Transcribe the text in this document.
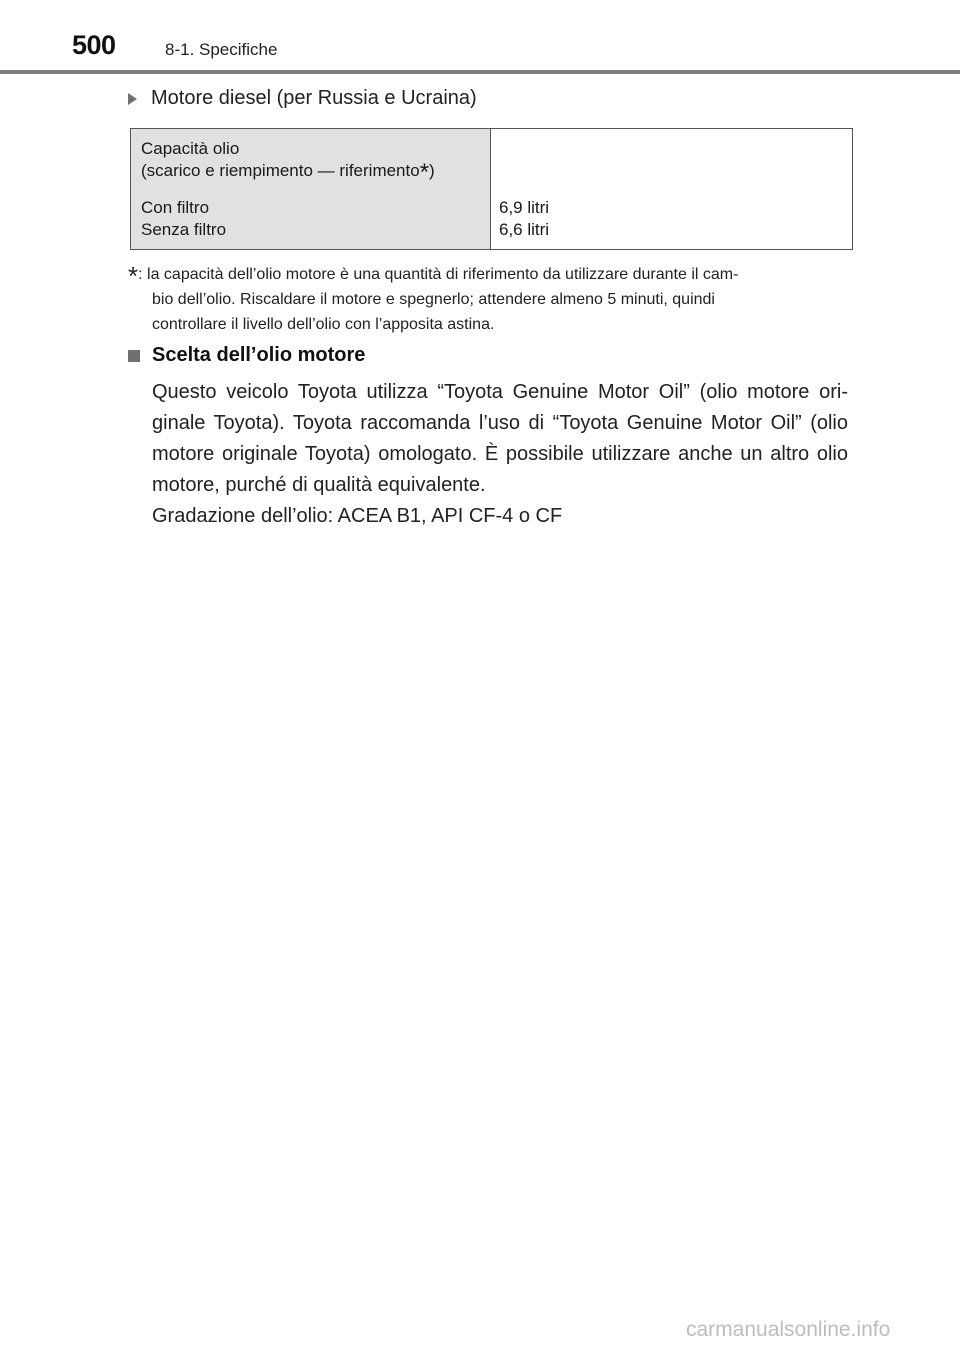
500	8-1. Specifiche
Motore diesel (per Russia e Ucraina)
Capacità olio
(scarico e riempimento — riferimento*)
Con filtro
Senza filtro
6,9 litri
6,6 litri
*: la capacità dell’olio motore è una quantità di riferimento da utilizzare durante il cam-
bio dell’olio. Riscaldare il motore e spegnerlo; attendere almeno 5 minuti, quindi
controllare il livello dell’olio con l’apposita astina.
Scelta dell’olio motore
Questo veicolo Toyota utilizza “Toyota Genuine Motor Oil” (olio motore ori-ginale Toyota). Toyota raccomanda l’uso di “Toyota Genuine Motor Oil” (olio motore originale Toyota) omologato. È possibile utilizzare anche un altro olio motore, purché di qualità equivalente.
Gradazione dell’olio: ACEA B1, API CF-4 o CF
carmanualsonline.info
